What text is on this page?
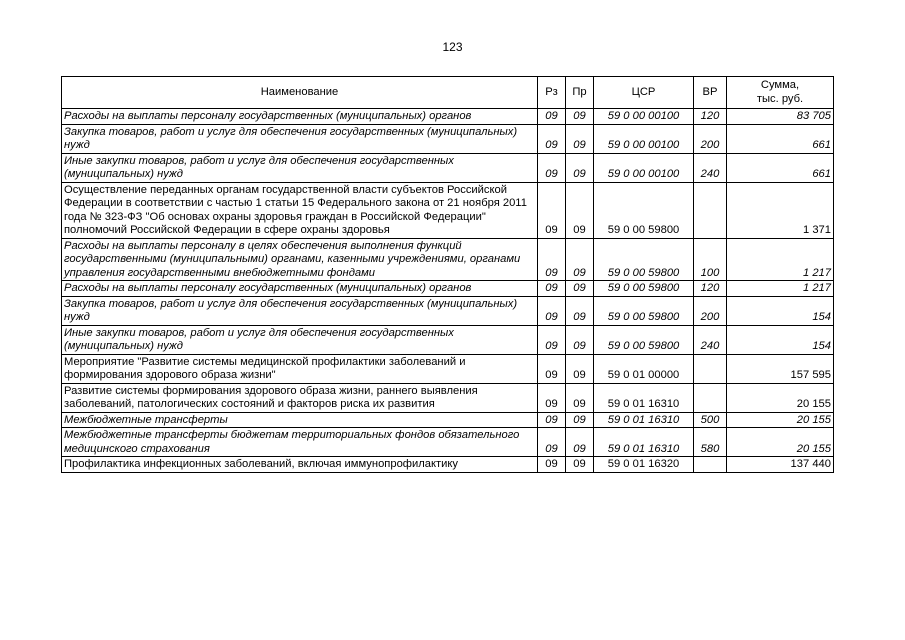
123
Наименование	Рз	Пр	ЦСР	ВР	Сумма,
тыс. руб.

Расходы на выплаты персоналу государственных (муниципальных) органов	09	09	59 0 00 00100	120	83 705
Закупка товаров, работ и услуг для обеспечения государственных (муниципальных) нужд	09	09	59 0 00 00100	200	661
Иные закупки товаров, работ и услуг для обеспечения государственных (муниципальных) нужд	09	09	59 0 00 00100	240	661
Осуществление переданных органам государственной власти субъектов Российской Федерации в соответствии с частью 1 статьи 15 Федерального закона от 21 ноября 2011 года № 323-ФЗ "Об основах охраны здоровья граждан в Российской Федерации" полномочий Российской Федерации в сфере охраны здоровья	09	09	59 0 00 59800		1 371
Расходы на выплаты персоналу в целях обеспечения выполнения функций государственными (муниципальными) органами, казенными учреждениями, органами управления государственными внебюджетными фондами	09	09	59 0 00 59800	100	1 217
Расходы на выплаты персоналу государственных (муниципальных) органов	09	09	59 0 00 59800	120	1 217
Закупка товаров, работ и услуг для обеспечения государственных (муниципальных) нужд	09	09	59 0 00 59800	200	154
Иные закупки товаров, работ и услуг для обеспечения государственных (муниципальных) нужд	09	09	59 0 00 59800	240	154
Мероприятие "Развитие системы медицинской профилактики заболеваний и формирования здорового образа жизни"	09	09	59 0 01 00000		157 595
Развитие системы формирования здорового образа жизни, раннего выявления заболеваний, патологических состояний и факторов риска их развития	09	09	59 0 01 16310		20 155
Межбюджетные трансферты	09	09	59 0 01 16310	500	20 155
Межбюджетные трансферты бюджетам территориальных фондов обязательного медицинского страхования	09	09	59 0 01 16310	580	20 155
Профилактика инфекционных заболеваний, включая иммунопрофилактику	09	09	59 0 01 16320		137 440
